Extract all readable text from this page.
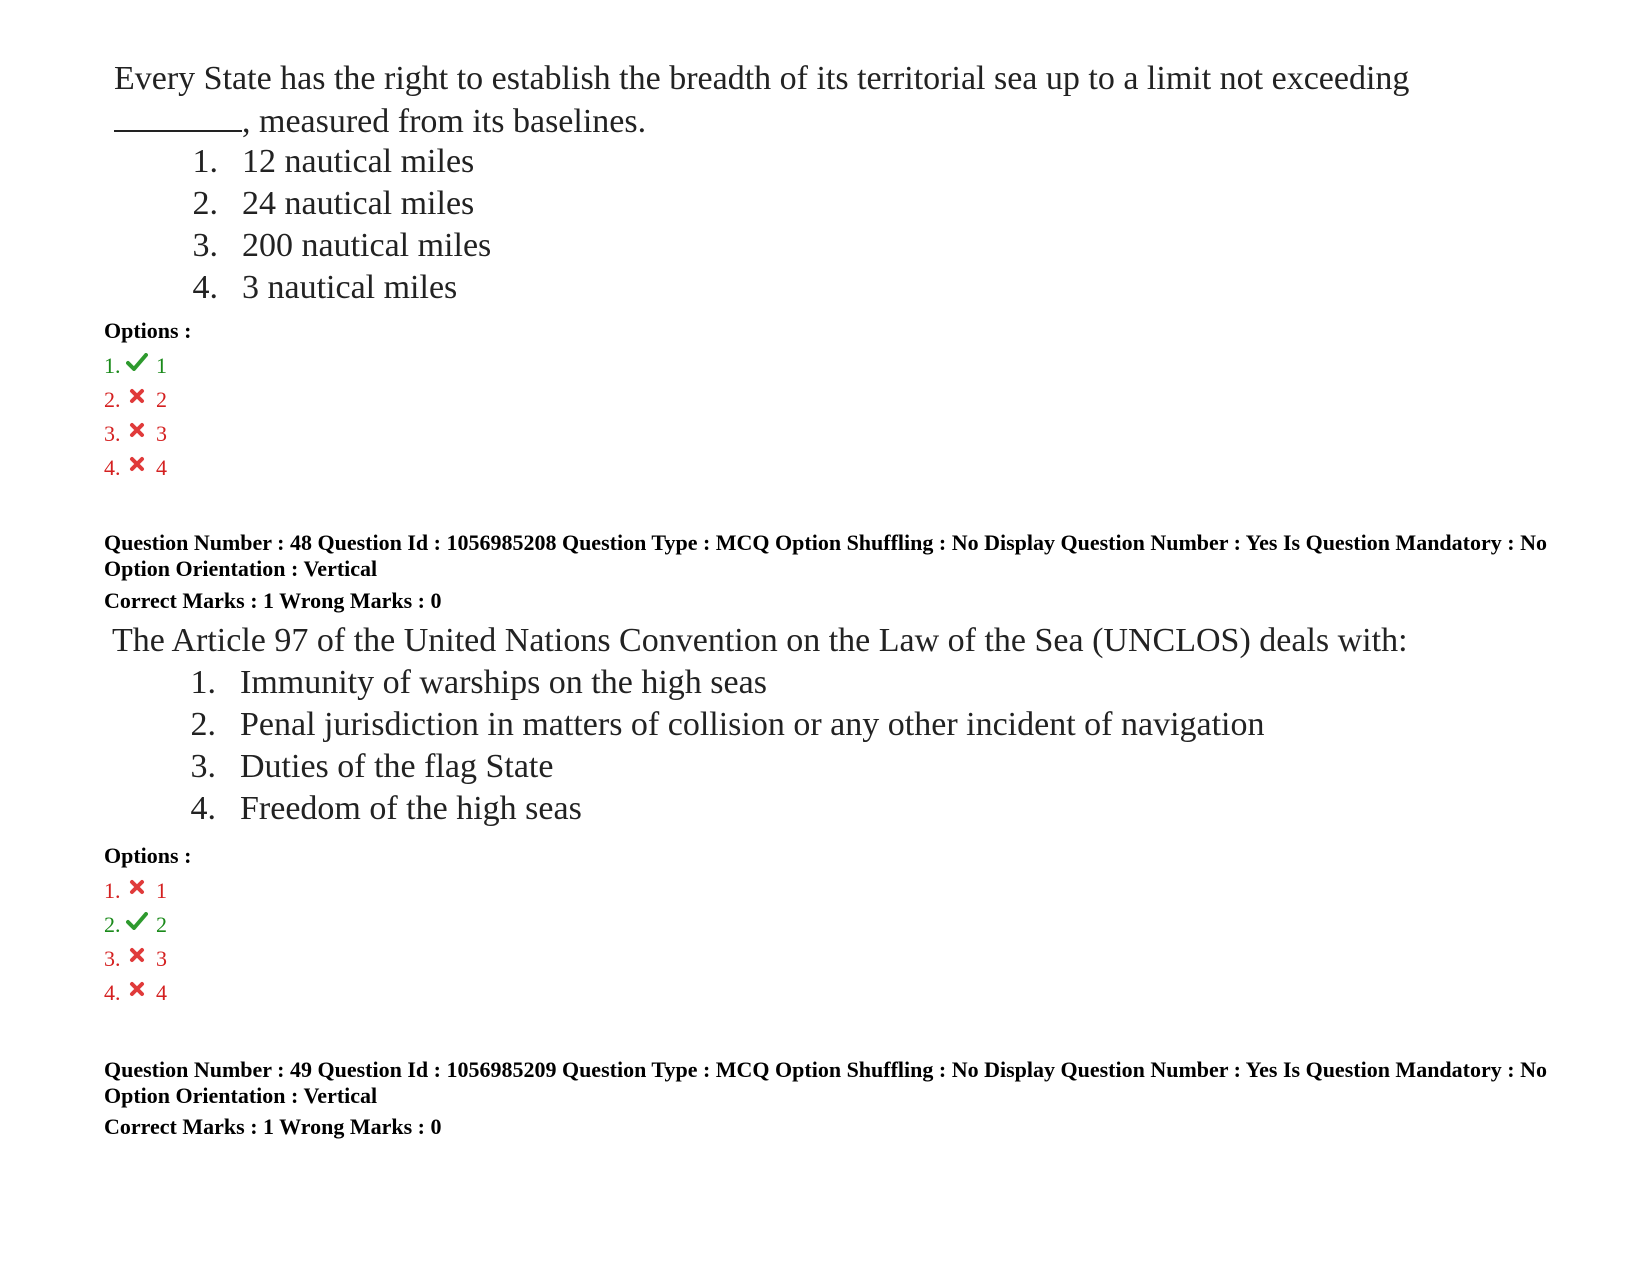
Every State has the right to establish the breadth of its territorial sea up to a limit not exceeding
, measured from its baselines.
1. 12 nautical miles
2. 24 nautical miles
3. 200 nautical miles
4. 3 nautical miles
Options :
1. 1
2. 2
3. 3
4. 4
Question Number : 48 Question Id : 1056985208 Question Type : MCQ Option Shuffling : No Display Question Number : Yes Is Question Mandatory : No Option Orientation : Vertical
Correct Marks : 1 Wrong Marks : 0
The Article 97 of the United Nations Convention on the Law of the Sea (UNCLOS) deals with:
1. Immunity of warships on the high seas
2. Penal jurisdiction in matters of collision or any other incident of navigation
3. Duties of the flag State
4. Freedom of the high seas
Options :
1. 1
2. 2
3. 3
4. 4
Question Number : 49 Question Id : 1056985209 Question Type : MCQ Option Shuffling : No Display Question Number : Yes Is Question Mandatory : No Option Orientation : Vertical
Correct Marks : 1 Wrong Marks : 0
